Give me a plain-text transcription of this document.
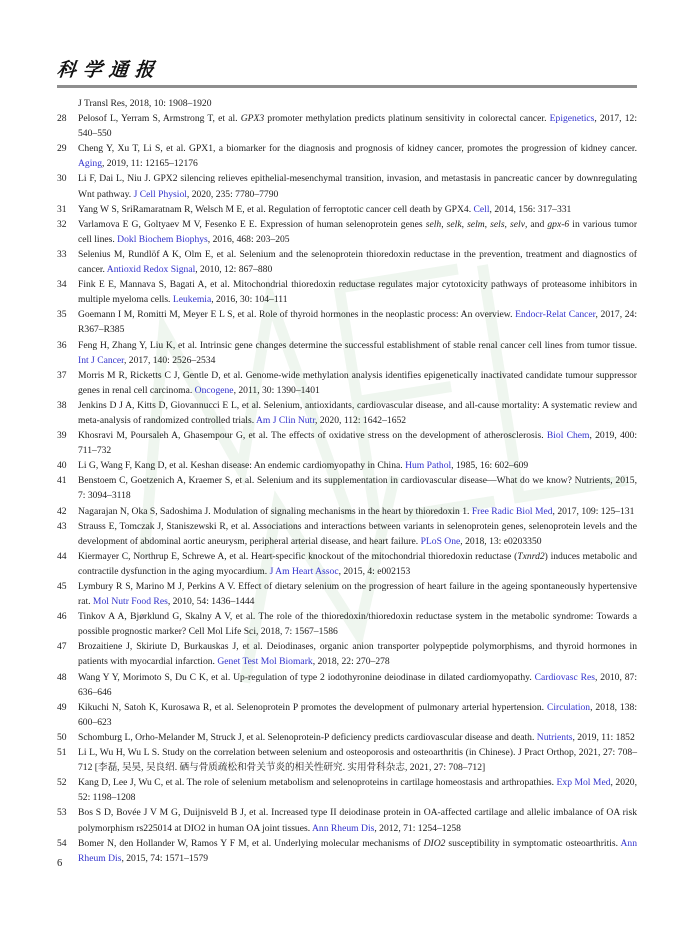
科学通报
J Transl Res, 2018, 10: 1908–1920
28 Pelosof L, Yerram S, Armstrong T, et al. GPX3 promoter methylation predicts platinum sensitivity in colorectal cancer. Epigenetics, 2017, 12: 540–550
29 Cheng Y, Xu T, Li S, et al. GPX1, a biomarker for the diagnosis and prognosis of kidney cancer, promotes the progression of kidney cancer. Aging, 2019, 11: 12165–12176
30 Li F, Dai L, Niu J. GPX2 silencing relieves epithelial-mesenchymal transition, invasion, and metastasis in pancreatic cancer by downregulating Wnt pathway. J Cell Physiol, 2020, 235: 7780–7790
31 Yang W S, SriRamaratnam R, Welsch M E, et al. Regulation of ferroptotic cancer cell death by GPX4. Cell, 2014, 156: 317–331
32 Varlamova E G, Goltyaev M V, Fesenko E E. Expression of human selenoprotein genes selh, selk, selm, sels, selv, and gpx-6 in various tumor cell lines. Dokl Biochem Biophys, 2016, 468: 203–205
33 Selenius M, Rundlöf A K, Olm E, et al. Selenium and the selenoprotein thioredoxin reductase in the prevention, treatment and diagnostics of cancer. Antioxid Redox Signal, 2010, 12: 867–880
34 Fink E E, Mannava S, Bagati A, et al. Mitochondrial thioredoxin reductase regulates major cytotoxicity pathways of proteasome inhibitors in multiple myeloma cells. Leukemia, 2016, 30: 104–111
35 Goemann I M, Romitti M, Meyer E L S, et al. Role of thyroid hormones in the neoplastic process: An overview. Endocr-Relat Cancer, 2017, 24: R367–R385
36 Feng H, Zhang Y, Liu K, et al. Intrinsic gene changes determine the successful establishment of stable renal cancer cell lines from tumor tissue. Int J Cancer, 2017, 140: 2526–2534
37 Morris M R, Ricketts C J, Gentle D, et al. Genome-wide methylation analysis identifies epigenetically inactivated candidate tumour suppressor genes in renal cell carcinoma. Oncogene, 2011, 30: 1390–1401
38 Jenkins D J A, Kitts D, Giovannucci E L, et al. Selenium, antioxidants, cardiovascular disease, and all-cause mortality: A systematic review and meta-analysis of randomized controlled trials. Am J Clin Nutr, 2020, 112: 1642–1652
39 Khosravi M, Poursaleh A, Ghasempour G, et al. The effects of oxidative stress on the development of atherosclerosis. Biol Chem, 2019, 400: 711–732
40 Li G, Wang F, Kang D, et al. Keshan disease: An endemic cardiomyopathy in China. Hum Pathol, 1985, 16: 602–609
41 Benstoem C, Goetzenich A, Kraemer S, et al. Selenium and its supplementation in cardiovascular disease—What do we know? Nutrients, 2015, 7: 3094–3118
42 Nagarajan N, Oka S, Sadoshima J. Modulation of signaling mechanisms in the heart by thioredoxin 1. Free Radic Biol Med, 2017, 109: 125–131
43 Strauss E, Tomczak J, Staniszewski R, et al. Associations and interactions between variants in selenoprotein genes, selenoprotein levels and the development of abdominal aortic aneurysm, peripheral arterial disease, and heart failure. PLoS One, 2018, 13: e0203350
44 Kiermayer C, Northrup E, Schrewe A, et al. Heart-specific knockout of the mitochondrial thioredoxin reductase (Txnrd2) induces metabolic and contractile dysfunction in the aging myocardium. J Am Heart Assoc, 2015, 4: e002153
45 Lymbury R S, Marino M J, Perkins A V. Effect of dietary selenium on the progression of heart failure in the ageing spontaneously hypertensive rat. Mol Nutr Food Res, 2010, 54: 1436–1444
46 Tinkov A A, Bjørklund G, Skalny A V, et al. The role of the thioredoxin/thioredoxin reductase system in the metabolic syndrome: Towards a possible prognostic marker? Cell Mol Life Sci, 2018, 7: 1567–1586
47 Brozaitiene J, Skiriute D, Burkauskas J, et al. Deiodinases, organic anion transporter polypeptide polymorphisms, and thyroid hormones in patients with myocardial infarction. Genet Test Mol Biomark, 2018, 22: 270–278
48 Wang Y Y, Morimoto S, Du C K, et al. Up-regulation of type 2 iodothyronine deiodinase in dilated cardiomyopathy. Cardiovasc Res, 2010, 87: 636–646
49 Kikuchi N, Satoh K, Kurosawa R, et al. Selenoprotein P promotes the development of pulmonary arterial hypertension. Circulation, 2018, 138: 600–623
50 Schomburg L, Orho-Melander M, Struck J, et al. Selenoprotein-P deficiency predicts cardiovascular disease and death. Nutrients, 2019, 11: 1852
51 Li L, Wu H, Wu L S. Study on the correlation between selenium and osteoporosis and osteoarthritis (in Chinese). J Pract Orthop, 2021, 27: 708–712 [李磊, 吴昊, 吴良绍. 硒与骨质疏松和骨关节炎的相关性研究. 实用骨科杂志, 2021, 27: 708–712]
52 Kang D, Lee J, Wu C, et al. The role of selenium metabolism and selenoproteins in cartilage homeostasis and arthropathies. Exp Mol Med, 2020, 52: 1198–1208
53 Bos S D, Bovée J V M G, Duijnisveld B J, et al. Increased type II deiodinase protein in OA-affected cartilage and allelic imbalance of OA risk polymorphism rs225014 at DIO2 in human OA joint tissues. Ann Rheum Dis, 2012, 71: 1254–1258
54 Bomer N, den Hollander W, Ramos Y F M, et al. Underlying molecular mechanisms of DIO2 susceptibility in symptomatic osteoarthritis. Ann Rheum Dis, 2015, 74: 1571–1579
6
